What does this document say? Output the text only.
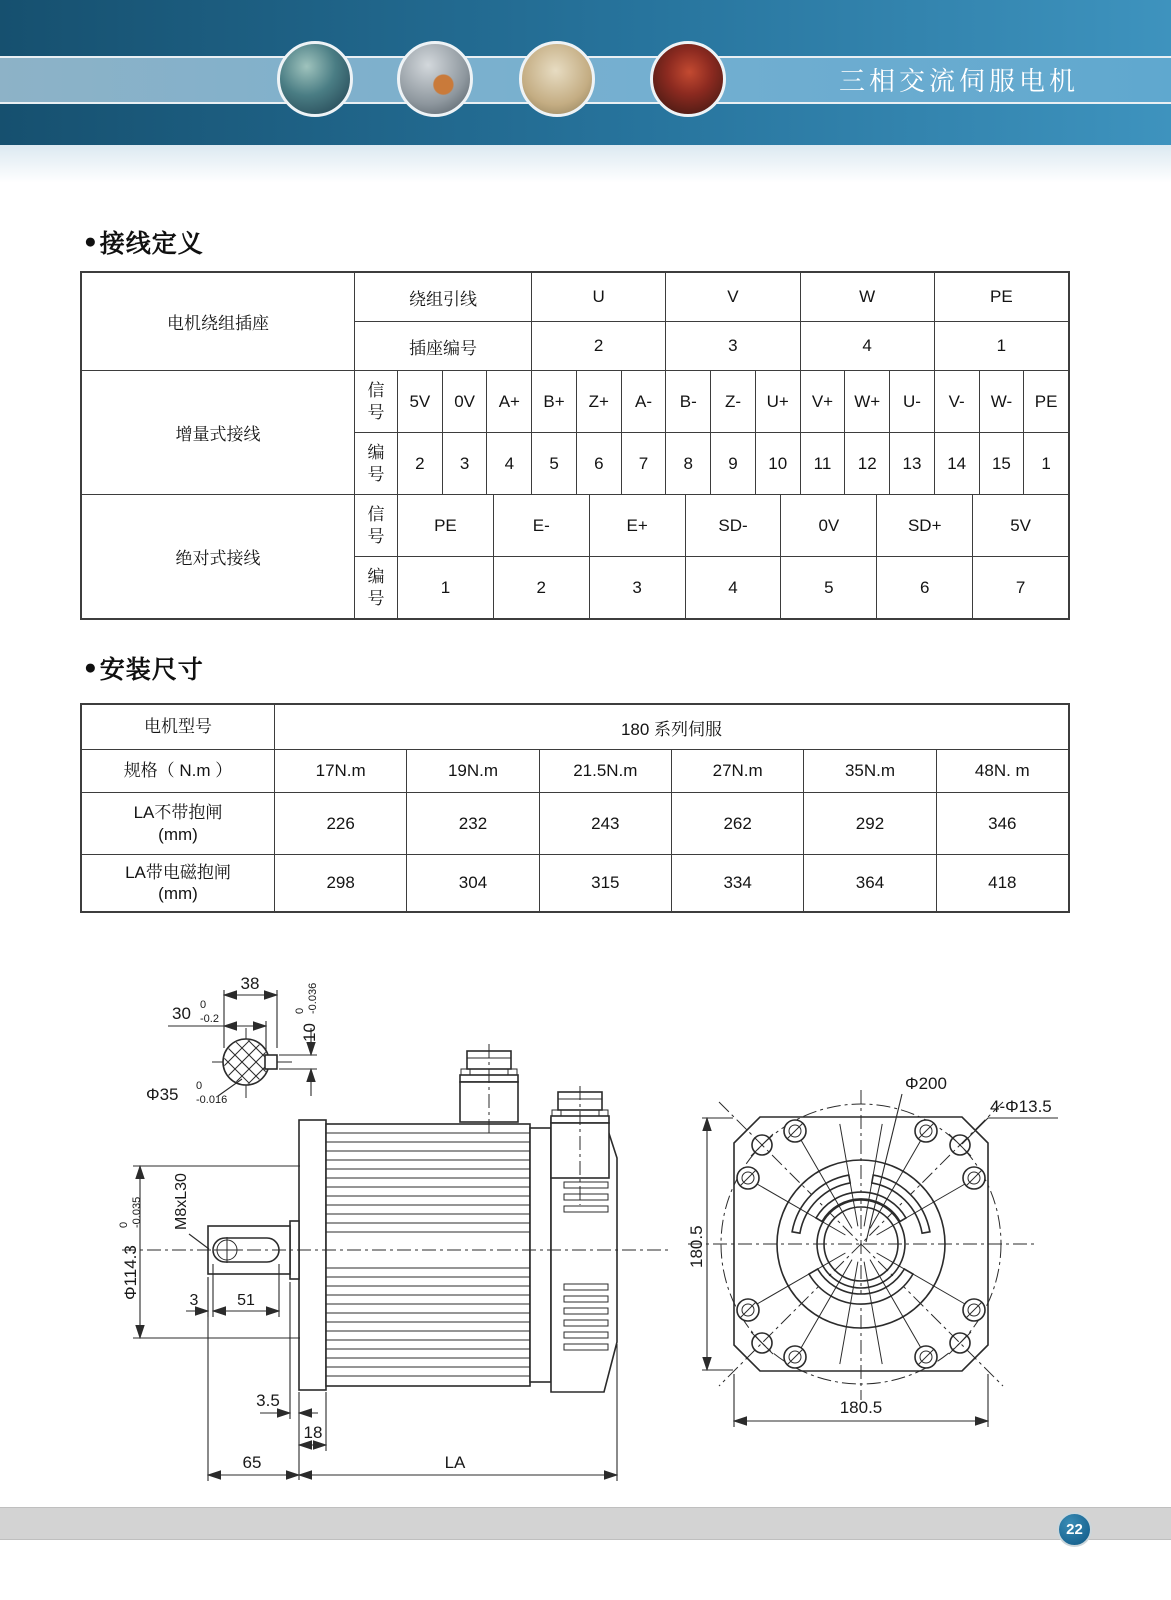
三相交流伺服电机
● 接线定义
电机绕组插座
绕组引线	U	V	W	PE
插座编号	2	3	4	1
增量式接线
信号
5V	0V	A+	B+	Z+	A-	B-	Z-	U+	V+	W+	U-	V-	W-	PE
编号
2	3	4	5	6	7	8	9	10	11	12	13	14	15	1
绝对式接线
信号
PE	E-	E+	SD-	0V	SD+	5V
编号
1	2	3	4	5	6	7
● 安装尺寸
电机型号	180 系列伺服
规格（ N.m ）	17N.m	19N.m	21.5N.m	27N.m	35N.m	48N. m
LA不带抱闸
(mm)
226	232	243	262	292	346
LA带电磁抱闸
(mm)
298	304	315	334	364	418
38
30 0
-0.2
10
0 -0.036
Φ35 0
-0.016
Φ114.3
0 -0.035 M8xL30
3 51
3.5
18
65	LA
180.5
180.5
Φ200
4-Φ13.5
22
